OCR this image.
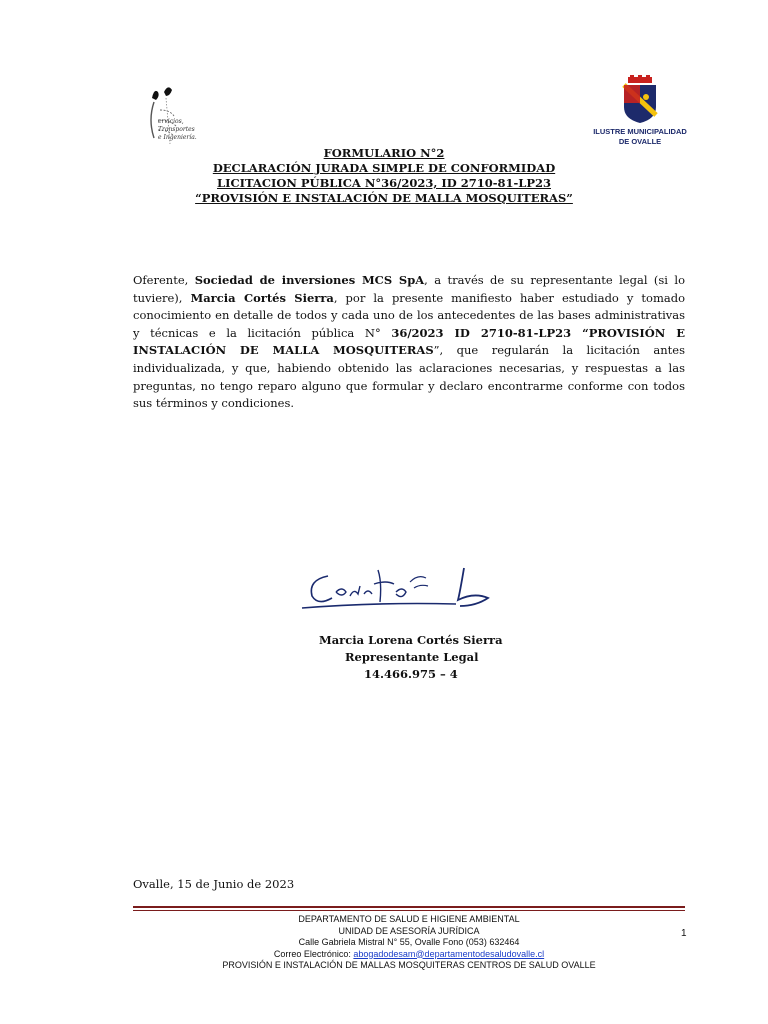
ervicios,
Transportes
e Ingeniería.
ILUSTRE MUNICIPALIDAD
DE OVALLE
FORMULARIO N°2
DECLARACIÓN JURADA SIMPLE DE CONFORMIDAD
LICITACION PÚBLICA N°36/2023, ID 2710-81-LP23
“PROVISIÓN E INSTALACIÓN DE MALLA MOSQUITERAS”
Oferente, Sociedad de inversiones MCS SpA, a través de su representante legal (si lo tuviere), Marcia Cortés Sierra, por la presente manifiesto haber estudiado y tomado conocimiento en detalle de todos y cada uno de los antecedentes de las bases administrativas y técnicas e la licitación pública N° 36/2023 ID 2710-81-LP23 “PROVISIÓN E INSTALACIÓN DE MALLA MOSQUITERAS”, que regularán la licitación antes individualizada, y que, habiendo obtenido las aclaraciones necesarias, y respuestas a las preguntas, no tengo reparo alguno que formular y declaro encontrarme conforme con todos sus términos y condiciones.
Marcia Lorena Cortés Sierra
Representante Legal
14.466.975 – 4
Ovalle, 15 de Junio de 2023
DEPARTAMENTO DE SALUD E HIGIENE AMBIENTAL
UNIDAD DE ASESORÍA JURÍDICA
Calle Gabriela Mistral N° 55, Ovalle Fono (053) 632464
Correo Electrónico: abogadodesam@departamentodesaludovalle.cl
PROVISIÓN E INSTALACIÓN DE MALLAS MOSQUITERAS CENTROS DE SALUD OVALLE
1
